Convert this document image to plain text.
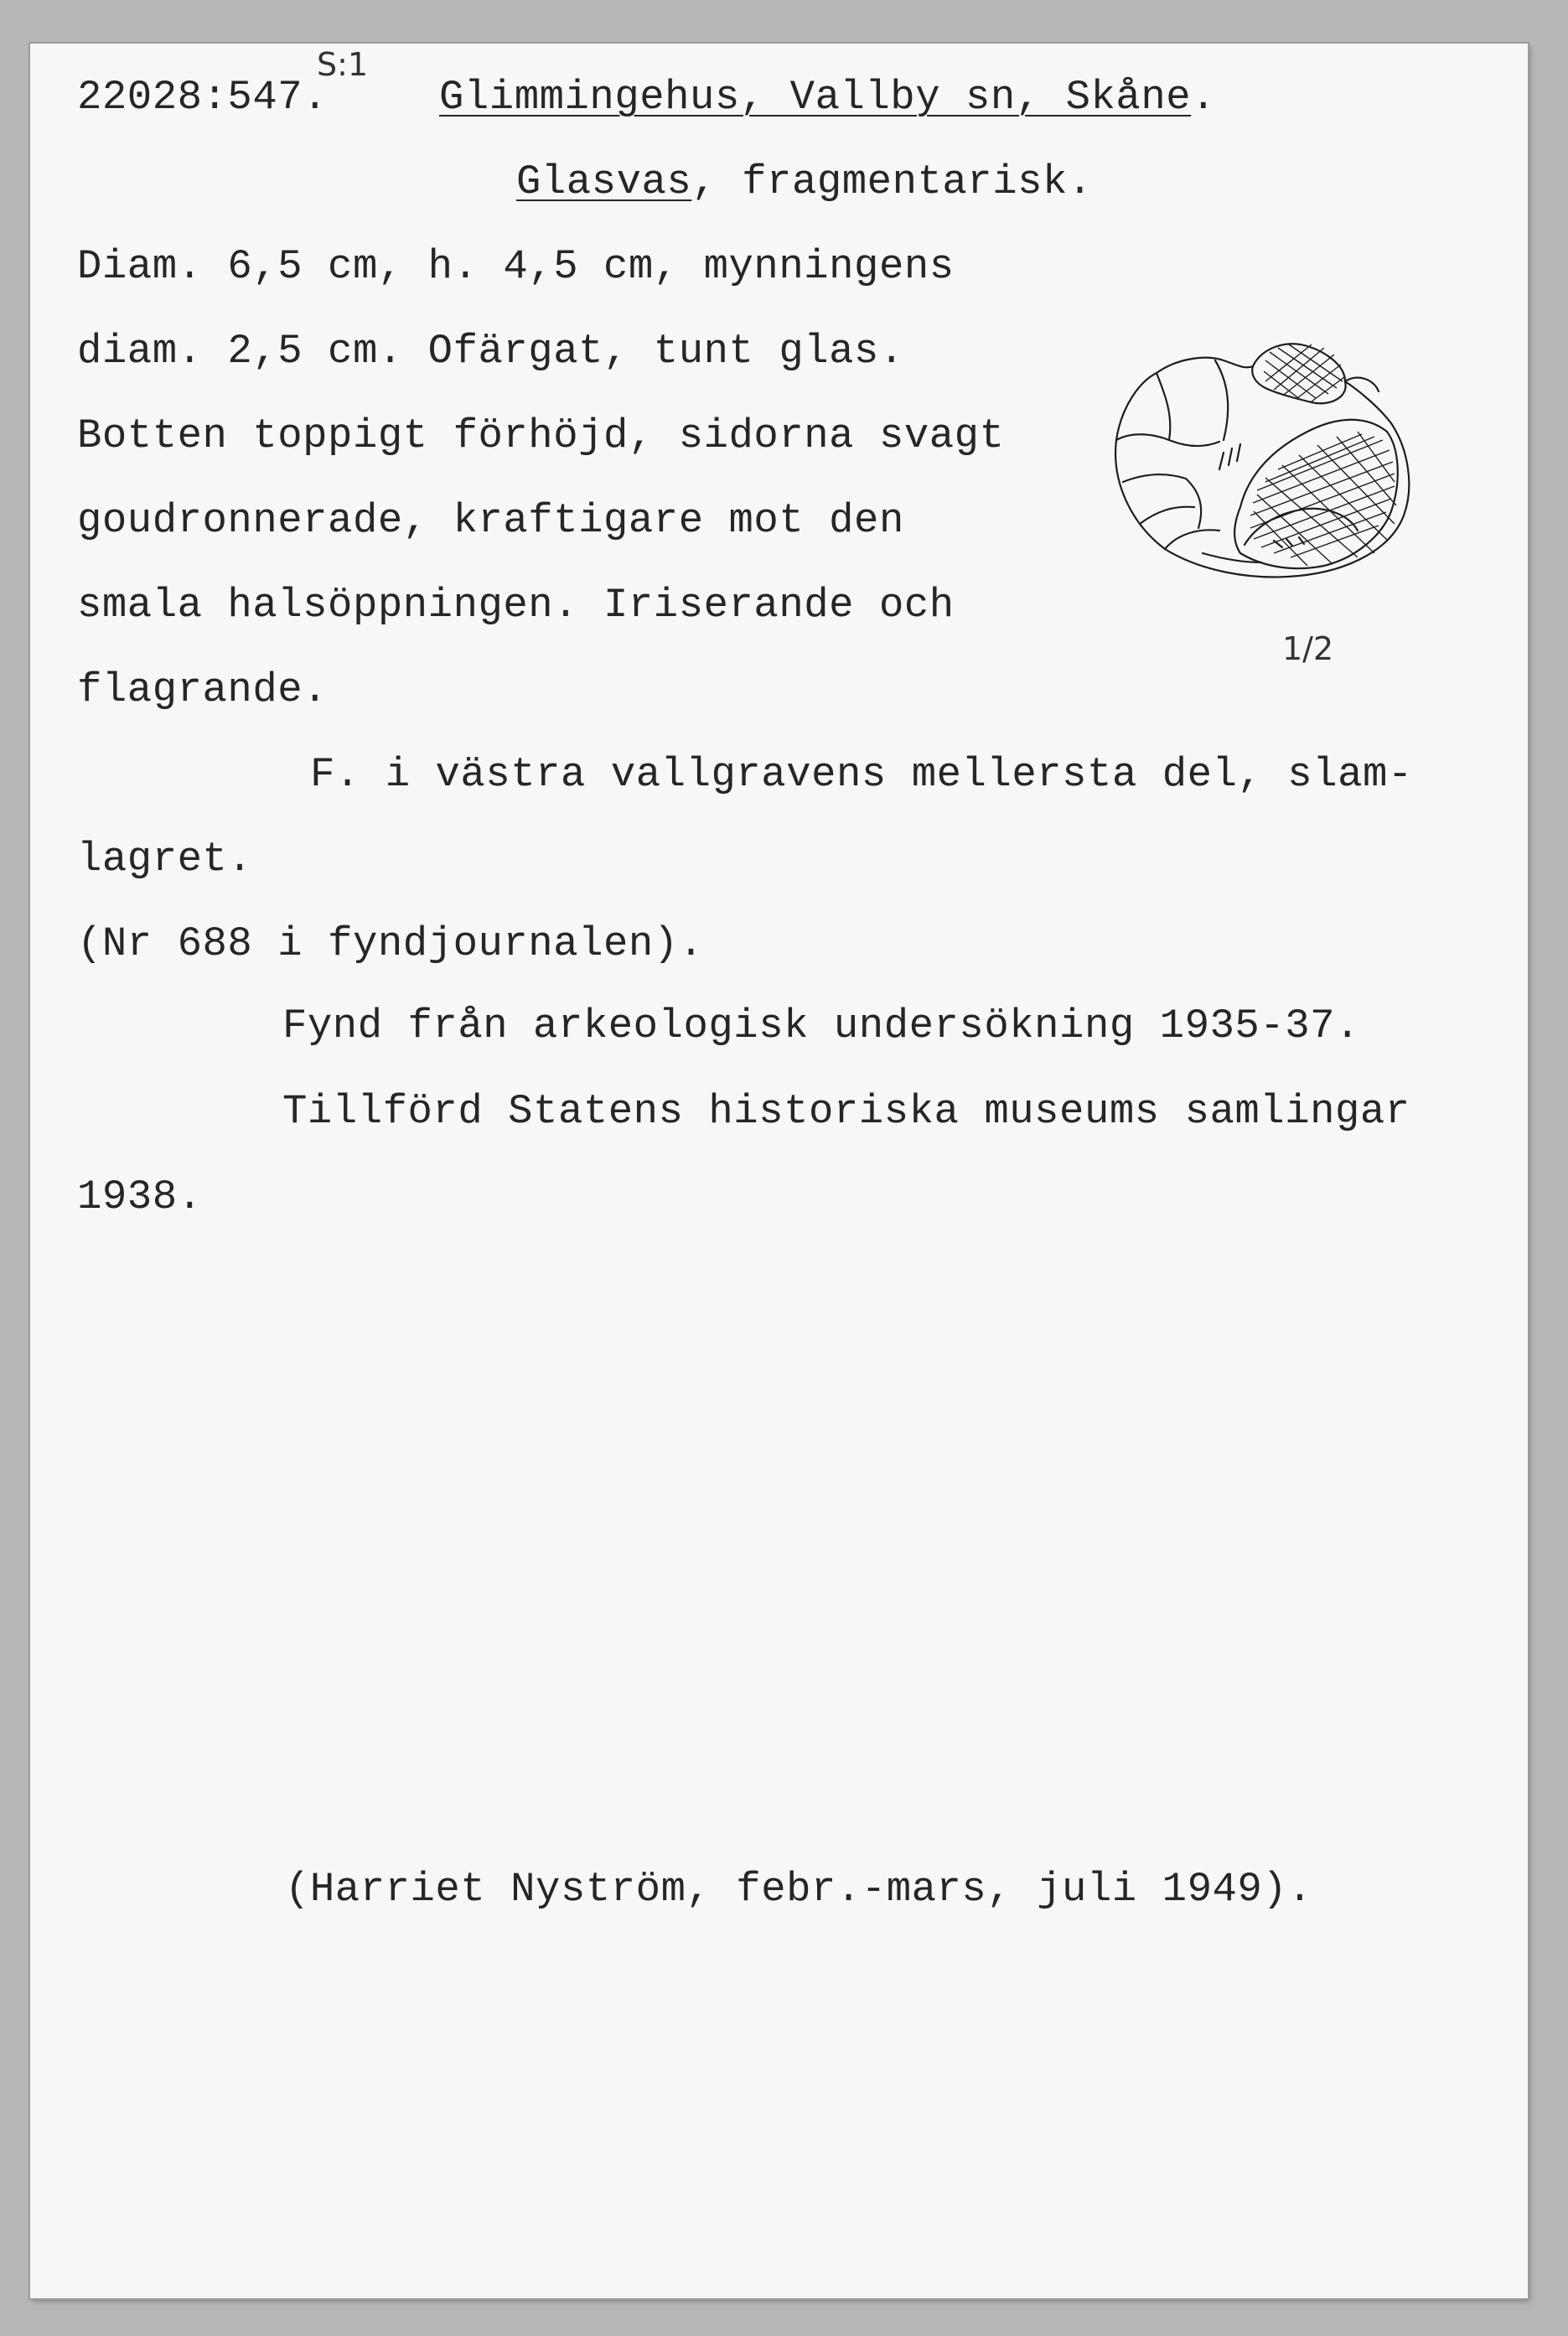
22028:547.
S:1
Glimmingehus, Vallby sn, Skåne.
Glasvas, fragmentarisk.
Diam. 6,5 cm, h. 4,5 cm, mynningens
diam. 2,5 cm. Ofärgat, tunt glas.
Botten toppigt förhöjd, sidorna svagt
goudronnerade, kraftigare mot den
smala halsöppningen. Iriserande och
flagrande.
F. i västra vallgravens mellersta del, slam-
lagret.
(Nr 688 i fyndjournalen).
Fynd från arkeologisk undersökning 1935-37.
Tillförd Statens historiska museums samlingar
1938.
(Harriet Nyström, febr.-mars, juli 1949).
1/2
